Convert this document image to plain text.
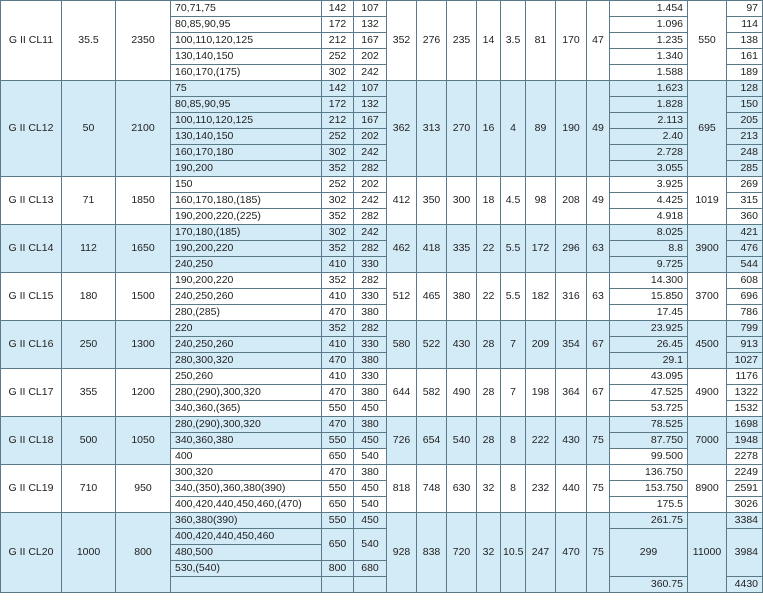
G II CL11	35.5	2350	70,71,75	142	107	352	276	235	14	3.5	81	170	47	1.454	550	97
			80,85,90,95	172	132									1.096		114
			100,110,120,125	212	167									1.235		138
			130,140,150	252	202									1.340		161
			160,170,(175)	302	242									1.588		189
G II CL12	50	2100	75	142	107	362	313	270	16	4	89	190	49	1.623	695	128
			80,85,90,95	172	132									1.828		150
			100,110,120,125	212	167									2.113		205
			130,140,150	252	202									2.40		213
			160,170,180	302	242									2.728		248
			190,200	352	282									3.055		285
G II CL13	71	1850	150	252	202	412	350	300	18	4.5	98	208	49	3.925	1019	269
			160,170,180,(185)	302	242									4.425		315
			190,200,220,(225)	352	282									4.918		360
G II CL14	112	1650	170,180,(185)	302	242	462	418	335	22	5.5	172	296	63	8.025	3900	421
			190,200,220	352	282									8.8		476
			240,250	410	330									9.725		544
G II CL15	180	1500	190,200,220	352	282	512	465	380	22	5.5	182	316	63	14.300	3700	608
			240,250,260	410	330									15.850		696
			280,(285)	470	380									17.45		786
G II CL16	250	1300	220	352	282	580	522	430	28	7	209	354	67	23.925	4500	799
			240,250,260	410	330									26.45		913
			280,300,320	470	380									29.1		1027
G II CL17	355	1200	250,260	410	330	644	582	490	28	7	198	364	67	43.095	4900	1176
			280,(290),300,320	470	380									47.525		1322
			340,360,(365)	550	450									53.725		1532
G II CL18	500	1050	280,(290),300,320	470	380	726	654	540	28	8	222	430	75	78.525	7000	1698
			340,360,380	550	450									87.750		1948
			400	650	540									99.500		2278
G II CL19	710	950	300,320	470	380	818	748	630	32	8	232	440	75	136.750	8900	2249
			340,(350),360,380(390)	550	450									153.750		2591
			400,420,440,450,460,(470)	650	540									175.5		3026
G II CL20	1000	800	360,380(390)	550	450	928	838	720	32	10.5	247	470	75	261.75	11000	3384
			400,420,440,450,460	650	540									299		3984
			480,500													
			530,(540)	800	680											
														360.75		4430
